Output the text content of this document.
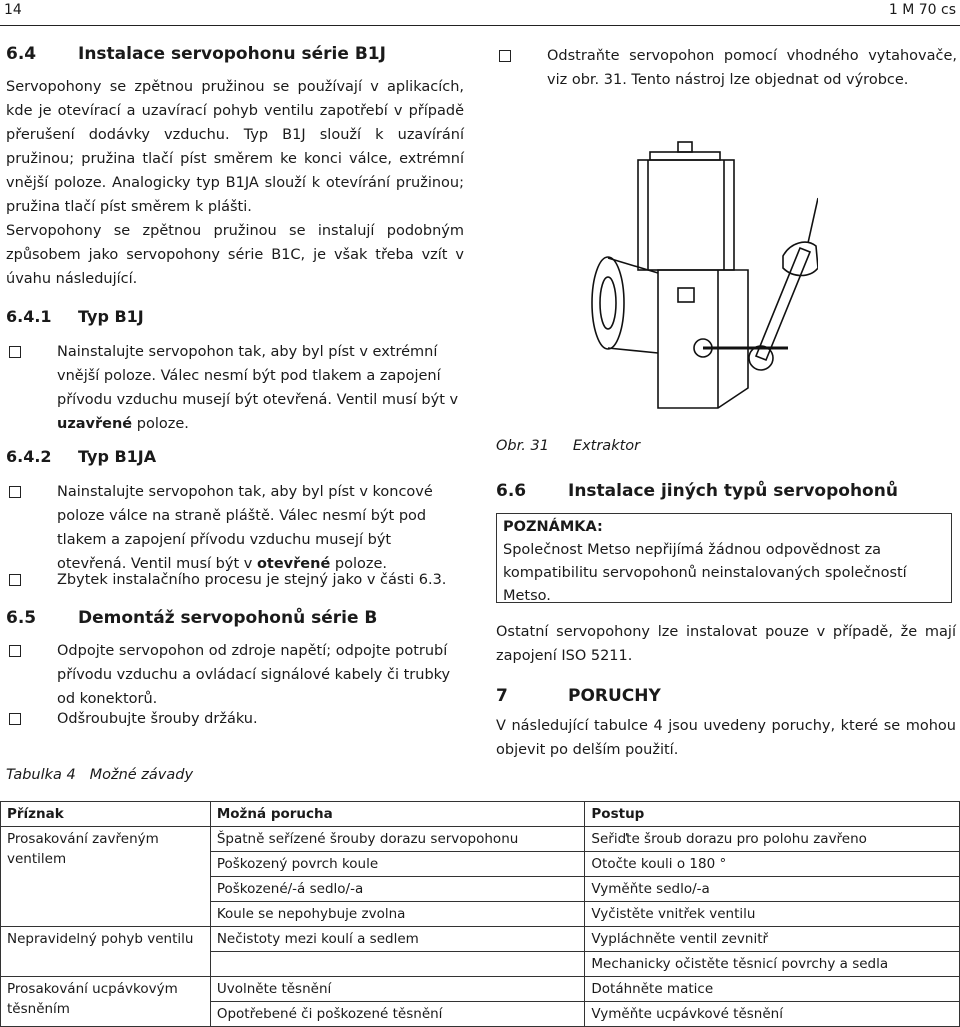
14	1 M 70 cs
6.4 Instalace servopohonu série B1J
Servopohony se zpětnou pružinou se používají v aplikacích, kde je otevírací a uzavírací pohyb ventilu zapotřebí v případě přerušení dodávky vzduchu. Typ B1J slouží k uzavírání pružinou; pružina tlačí píst směrem ke konci válce, extrémní vnější poloze. Analogicky typ B1JA slouží k otevírání pružinou; pružina tlačí píst směrem k plášti.
Servopohony se zpětnou pružinou se instalují podobným způsobem jako servopohony série B1C, je však třeba vzít v úvahu následující.
6.4.1 Typ B1J
Nainstalujte servopohon tak, aby byl píst v extrémní vnější poloze. Válec nesmí být pod tlakem a zapojení přívodu vzduchu musejí být otevřená. Ventil musí být v uzavřené poloze.
6.4.2 Typ B1JA
Nainstalujte servopohon tak, aby byl píst v koncové poloze válce na straně pláště. Válec nesmí být pod tlakem a zapojení přívodu vzduchu musejí být otevřená. Ventil musí být v otevřené poloze.
Zbytek instalačního procesu je stejný jako v části 6.3.
6.5 Demontáž servopohonů série B
Odpojte servopohon od zdroje napětí; odpojte potrubí přívodu vzduchu a ovládací signálové kabely či trubky od konektorů.
Odšroubujte šrouby držáku.
Tabulka 4 Možné závady
Odstraňte servopohon pomocí vhodného vytahovače, viz obr. 31. Tento nástroj lze objednat od výrobce.
Obr. 31 Extraktor
6.6 Instalace jiných typů servopohonů
POZNÁMKA:
Společnost Metso nepřijímá žádnou odpovědnost za kompatibilitu servopohonů neinstalovaných společností Metso.
Ostatní servopohony lze instalovat pouze v případě, že mají zapojení ISO 5211.
7	PORUCHY
V následující tabulce 4 jsou uvedeny poruchy, které se mohou objevit po delším použití.
Příznak	Možná porucha	Postup
Prosakování zavřeným ventilem	Špatně seřízené šrouby dorazu servopohonu	Seřiďte šroub dorazu pro polohu zavřeno
	Poškozený povrch koule	Otočte kouli o 180 °
	Poškozené/-á sedlo/-a	Vyměňte sedlo/-a
	Koule se nepohybuje zvolna	Vyčistěte vnitřek ventilu
Nepravidelný pohyb ventilu	Nečistoty mezi koulí a sedlem	Vypláchněte ventil zevnitř
		Mechanicky očistěte těsnicí povrchy a sedla
Prosakování ucpávkovým těsněním	Uvolněte těsnění	Dotáhněte matice
	Opotřebené či poškozené těsnění	Vyměňte ucpávkové těsnění
